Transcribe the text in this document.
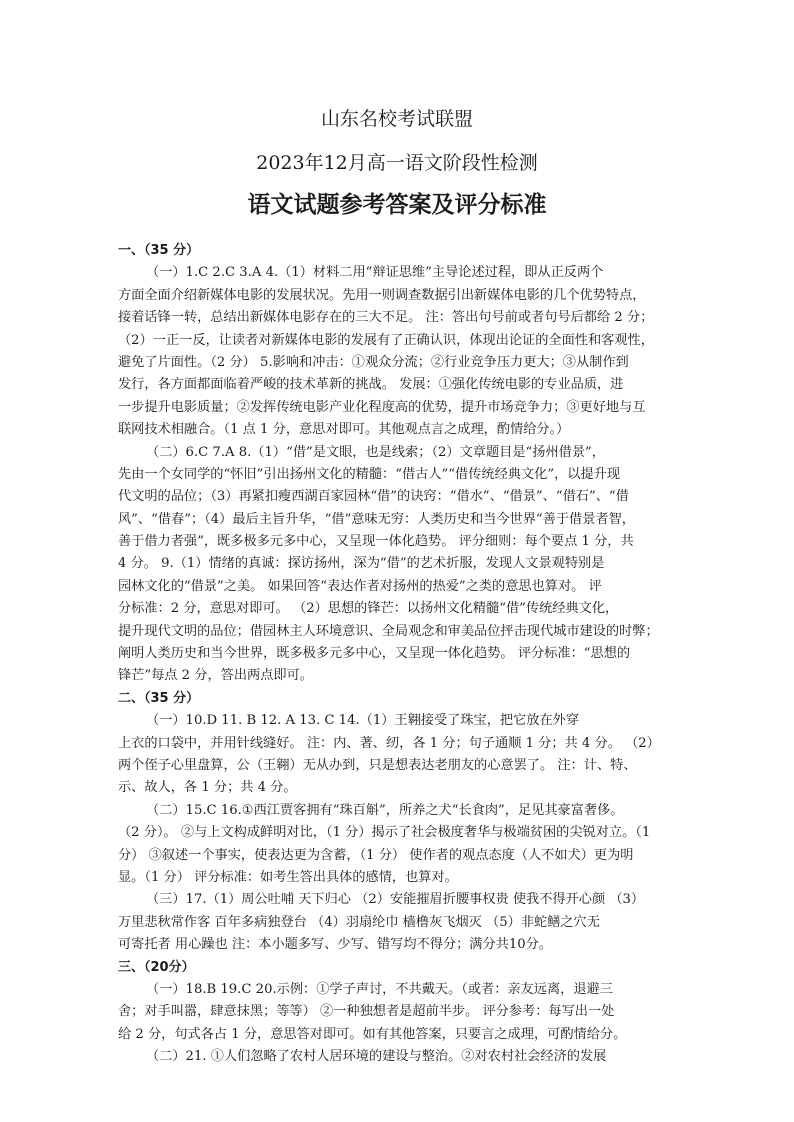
山东名校考试联盟
2023年12月高一语文阶段性检测
语文试题参考答案及评分标准
一、（35 分）
（一）1.C 2.C 3.A 4.（1）材料二用“辩证思维”主导论述过程，即从正反两个
方面全面介绍新媒体电影的发展状况。先用一则调查数据引出新媒体电影的几个优势特点，
接着话锋一转，总结出新媒体电影存在的三大不足。 注：答出句号前或者句号后都给 2 分；
（2）一正一反，让读者对新媒体电影的发展有了正确认识，体现出论证的全面性和客观性，
避免了片面性。（2 分） 5.影响和冲击：①观众分流；②行业竞争压力更大；③从制作到
发行，各方面都面临着严峻的技术革新的挑战。 发展：①强化传统电影的专业品质，进
一步提升电影质量；②发挥传统电影产业化程度高的优势，提升市场竞争力；③更好地与互
联网技术相融合。（1 点 1 分，意思对即可。其他观点言之成理，酌情给分。）
（二）6.C 7.A 8.（1）“借”是文眼，也是线索；（2）文章题目是“扬州借景”，
先由一个女同学的“怀旧”引出扬州文化的精髓：“借古人”“借传统经典文化”，以提升现
代文明的品位；（3）再紧扣瘦西湖百家园林“借”的诀窍：“借水”、“借景”、“借石”、“借
风”、“借春”；（4）最后主旨升华，“借”意味无穷：人类历史和当今世界“善于借景者智，
善于借力者强”，既多极多元多中心，又呈现一体化趋势。 评分细则：每个要点 1 分，共
4 分。 9.（1）情绪的真诚：探访扬州，深为“借”的艺术折服，发现人文景观特别是
园林文化的“借景”之美。 如果回答“表达作者对扬州的热爱”之类的意思也算对。 评
分标准：2 分，意思对即可。 （2）思想的锋芒：以扬州文化精髓“借”传统经典文化，
提升现代文明的品位；借园林主人环境意识、全局观念和审美品位抨击现代城市建设的时弊；
阐明人类历史和当今世界，既多极多元多中心，又呈现一体化趋势。 评分标准：“思想的
锋芒”每点 2 分，答出两点即可。
二、（35 分）
（一）10.D 11. B 12. A 13. C 14.（1）王翱接受了珠宝，把它放在外穿
上衣的口袋中，并用针线缝好。 注：内、著、纫，各 1 分；句子通顺 1 分；共 4 分。 （2）
两个侄子心里盘算，公（王翱）无从办到，只是想表达老朋友的心意罢了。 注：计、特、
示、故人，各 1 分；共 4 分。
（二）15.C 16.①西江贾客拥有“珠百斛”，所养之犬“长食肉”，足见其豪富奢侈。
（2 分）。 ②与上文构成鲜明对比，（1 分）揭示了社会极度奢华与极端贫困的尖锐对立。（1
分） ③叙述一个事实，使表达更为含蓄，（1 分） 使作者的观点态度（人不如犬）更为明
显。（1 分） 评分标准：如考生答出具体的感情，也算对。
（三）17.（1）周公吐哺 天下归心 （2）安能摧眉折腰事权贵 使我不得开心颜 （3）
万里悲秋常作客 百年多病独登台 （4）羽扇纶巾 樯橹灰飞烟灭 （5）非蛇鳝之穴无
可寄托者 用心躁也 注：本小题多写、少写、错写均不得分；满分共10分。
三、（20分）
（一）18.B 19.C 20.示例：①学子声讨，不共戴天。（或者：亲友远离，退避三
舍；对手叫嚣，肆意抹黑；等等） ②一种独想者是超前半步。 评分参考：每写出一处
给 2 分，句式各占 1 分，意思答对即可。如有其他答案，只要言之成理，可酌情给分。
（二）21. ①人们忽略了农村人居环境的建设与整治。②对农村社会经济的发展
